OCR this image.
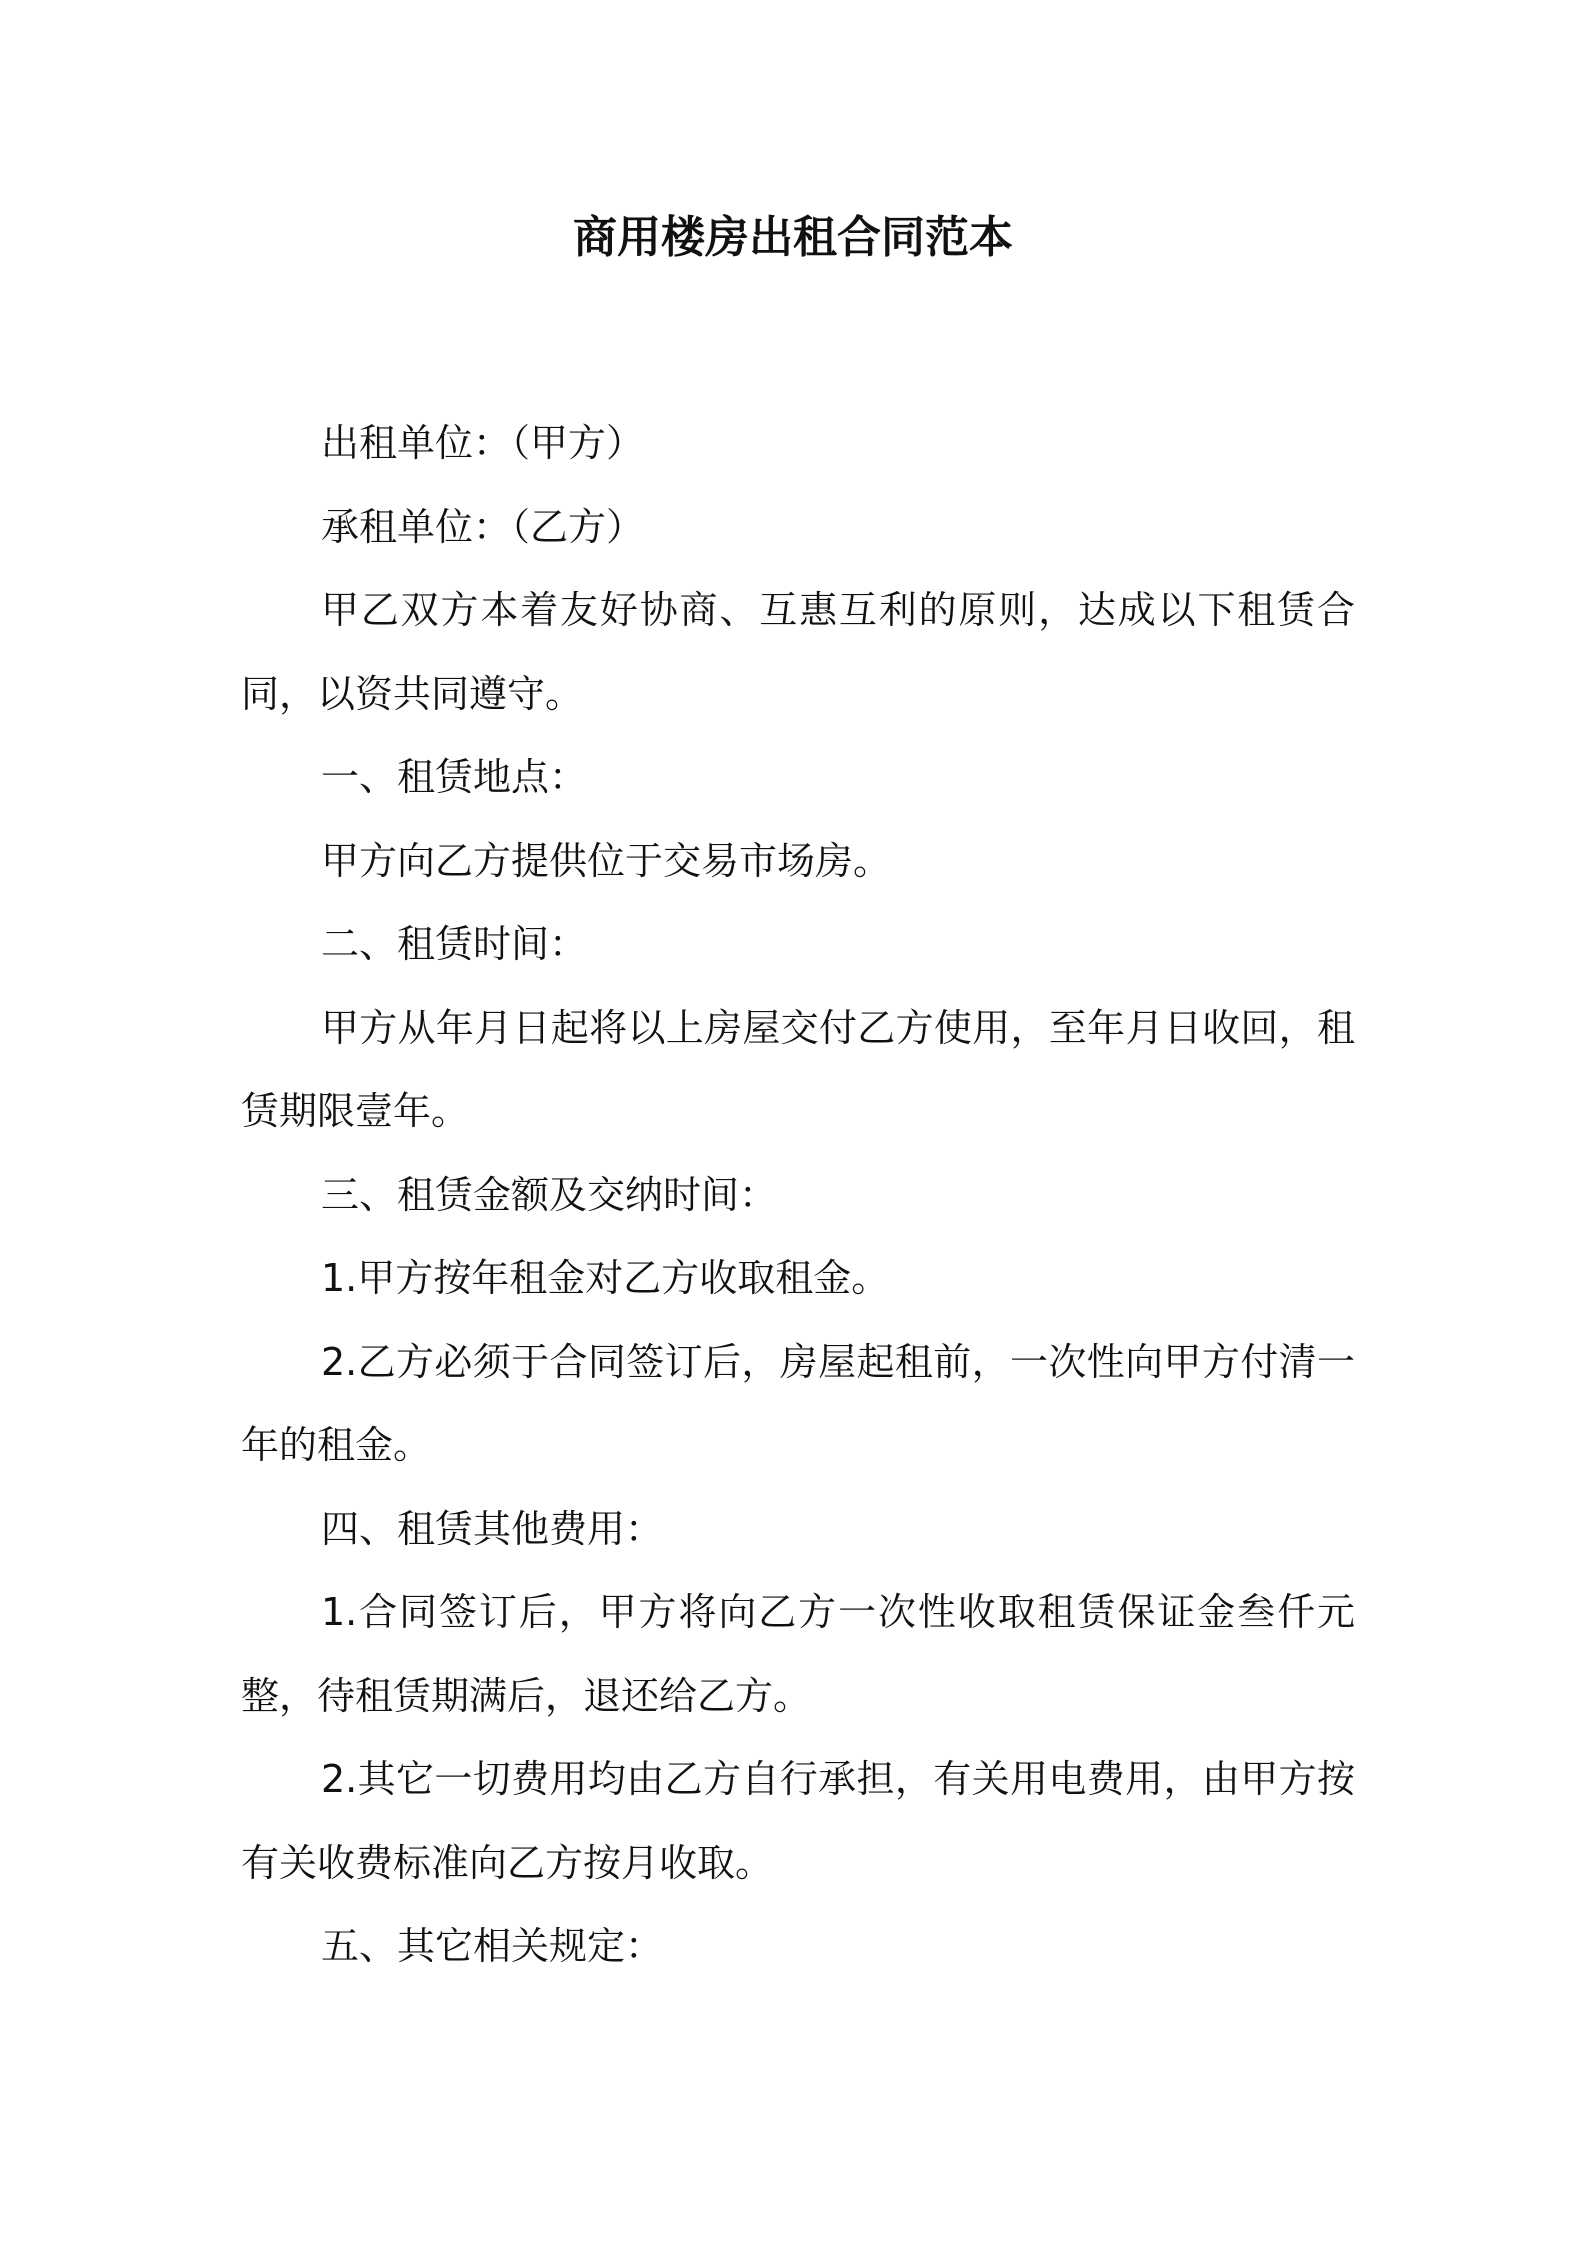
商用楼房出租合同范本

出租单位：（甲方）

承租单位：（乙方）

甲乙双方本着友好协商、互惠互利的原则，达成以下租赁合同，以资共同遵守。

一、租赁地点：

甲方向乙方提供位于交易市场房。

二、租赁时间：

甲方从年月日起将以上房屋交付乙方使用，至年月日收回，租赁期限壹年。

三、租赁金额及交纳时间：

1.甲方按年租金对乙方收取租金。

2.乙方必须于合同签订后，房屋起租前，一次性向甲方付清一年的租金。

四、租赁其他费用：

1.合同签订后，甲方将向乙方一次性收取租赁保证金叁仟元整，待租赁期满后，退还给乙方。

2.其它一切费用均由乙方自行承担，有关用电费用，由甲方按有关收费标准向乙方按月收取。

五、其它相关规定：
